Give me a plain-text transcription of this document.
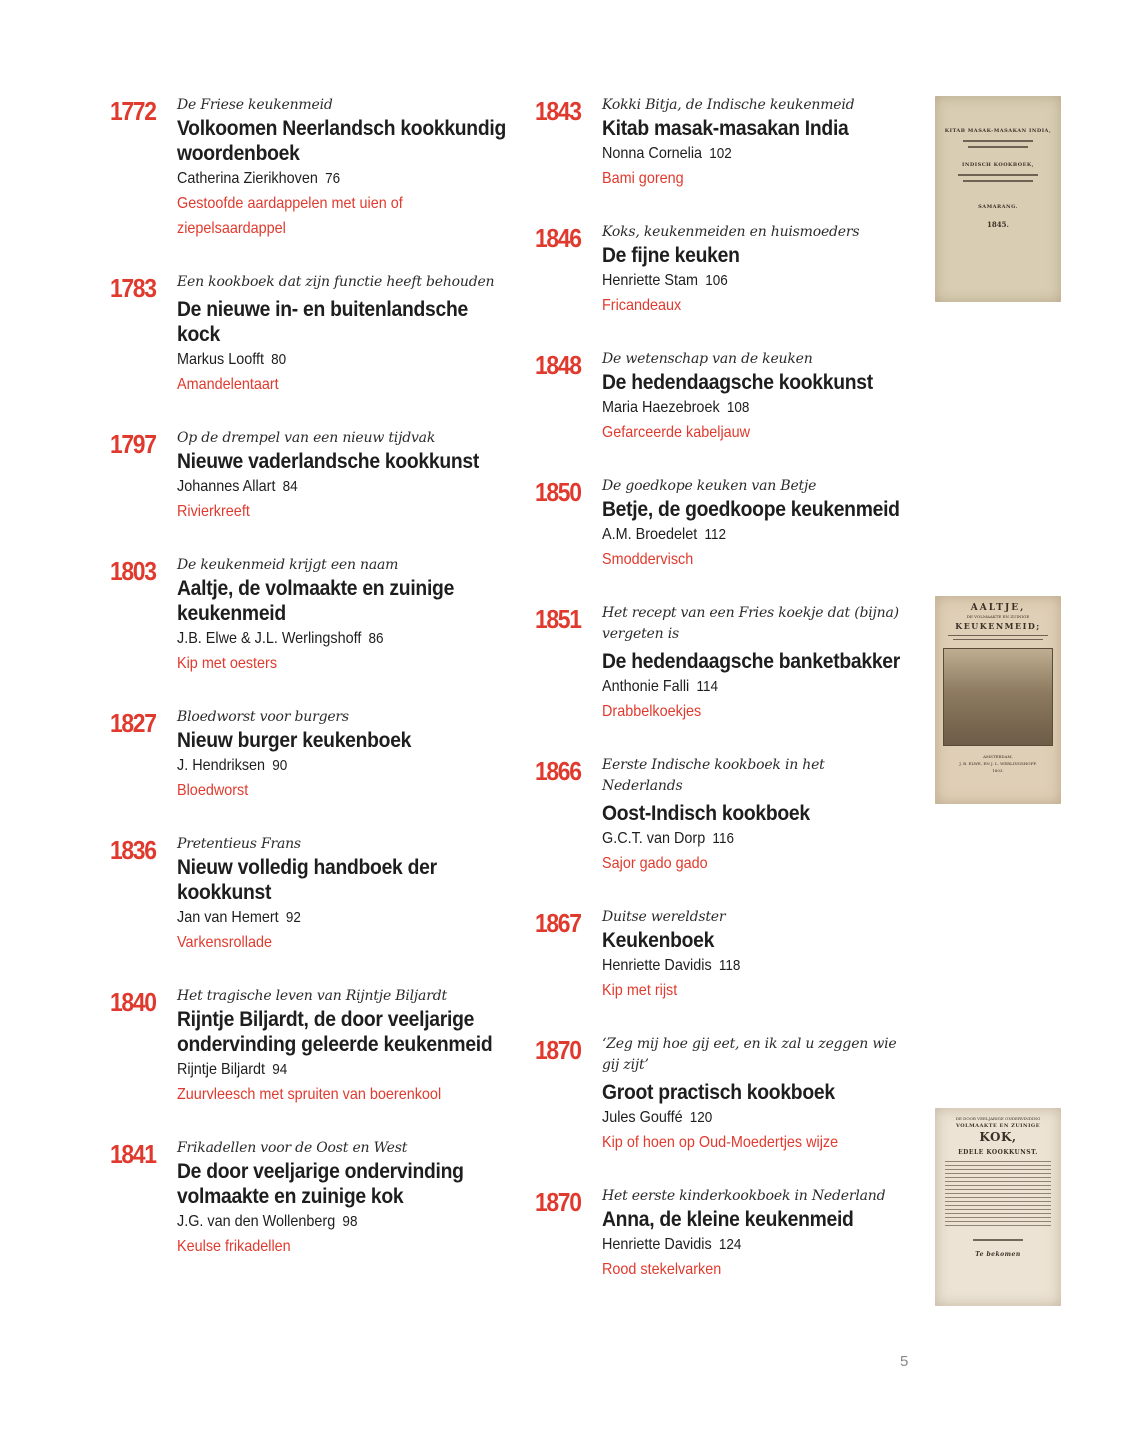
1772 De Friese keukenmeid
Volkoomen Neerlandsch kookkundig woordenboek
Catherina Zierikhoven 76
Gestoofde aardappelen met uien of ziepelsaardappel
1783 Een kookboek dat zijn functie heeft behouden
De nieuwe in- en buitenlandsche kock
Markus Loofft 80
Amandelentaart
1797 Op de drempel van een nieuw tijdvak
Nieuwe vaderlandsche kookkunst
Johannes Allart 84
Rivierkreeft
1803 De keukenmeid krijgt een naam
Aaltje, de volmaakte en zuinige keukenmeid
J.B. Elwe & J.L. Werlingshoff 86
Kip met oesters
1827 Bloedworst voor burgers
Nieuw burger keukenboek
J. Hendriksen 90
Bloedworst
1836 Pretentieus Frans
Nieuw volledig handboek der kookkunst
Jan van Hemert 92
Varkensrollade
1840 Het tragische leven van Rijntje Biljardt
Rijntje Biljardt, de door veeljarige ondervinding geleerde keukenmeid
Rijntje Biljardt 94
Zuurvleesch met spruiten van boerenkool
1841 Frikadellen voor de Oost en West
De door veeljarige ondervinding volmaakte en zuinige kok
J.G. van den Wollenberg 98
Keulse frikadellen
1843 Kokki Bitja, de Indische keukenmeid
Kitab masak-masakan India
Nonna Cornelia 102
Bami goreng
1846 Koks, keukenmeiden en huismoeders
De fijne keuken
Henriette Stam 106
Fricandeaux
1848 De wetenschap van de keuken
De hedendaagsche kookkunst
Maria Haezebroek 108
Gefarceerde kabeljauw
1850 De goedkope keuken van Betje
Betje, de goedkoope keukenmeid
A.M. Broedelet 112
Smoddervisch
1851 Het recept van een Fries koekje dat (bijna) vergeten is
De hedendaagsche banketbakker
Anthonie Falli 114
Drabbelkoekjes
1866 Eerste Indische kookboek in het Nederlands
Oost-Indisch kookboek
G.C.T. van Dorp 116
Sajor gado gado
1867 Duitse wereldster
Keukenboek
Henriette Davidis 118
Kip met rijst
1870 ‘Zeg mij hoe gij eet, en ik zal u zeggen wie gij zijt’
Groot practisch kookboek
Jules Gouffé 120
Kip of hoen op Oud-Moedertjes wijze
1870 Het eerste kinderkookboek in Nederland
Anna, de kleine keukenmeid
Henriette Davidis 124
Rood stekelvarken
KITAB MASAK-MASAKAN INDIA,
INDISCH KOOKBOEK,
SAMARANG.
1845.
AALTJE,
DE VOLMAAKTE EN ZUINIGE
KEUKENMEID;
AMSTERDAM,
J. B. ELWE, EN J. L. WERLINGSHOFF.
1803.
DE DOOR VEELJARIGE ONDERVINDING
VOLMAAKTE EN ZUINIGE
KOK,
EDELE KOOKKUNST.
Te bekomen
5
